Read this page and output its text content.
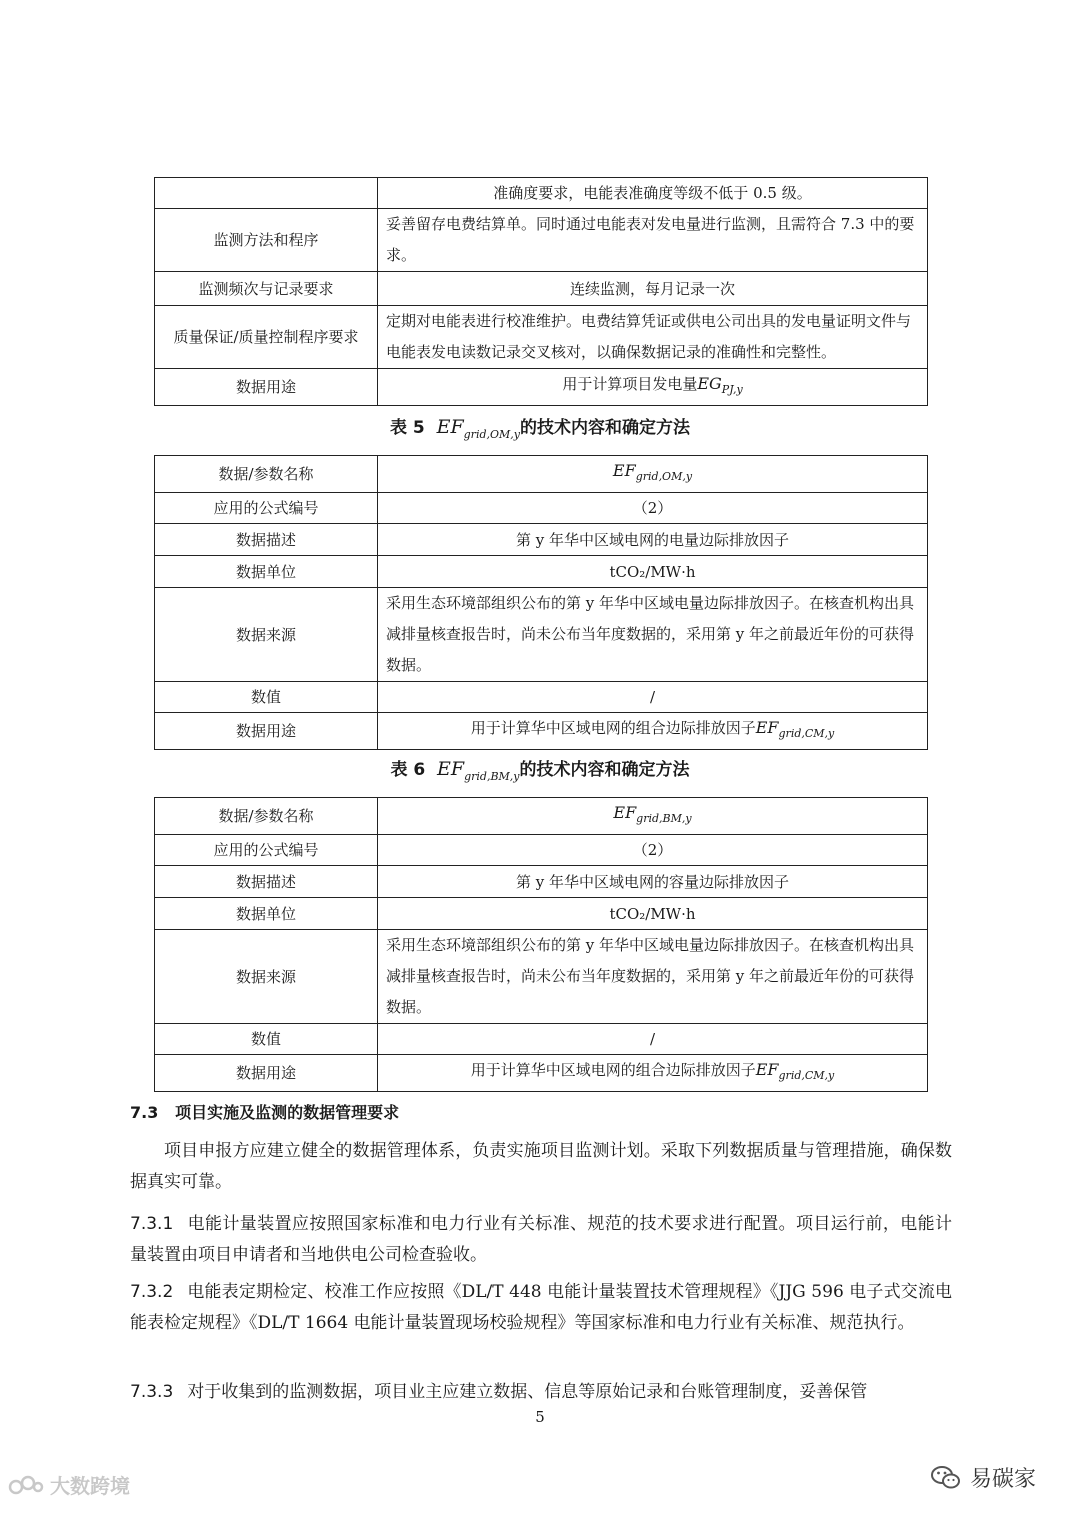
	准确度要求，电能表准确度等级不低于 0.5 级。
监测方法和程序	妥善留存电费结算单。同时通过电能表对发电量进行监测，且需符合 7.3 中的要求。
监测频次与记录要求	连续监测，每月记录一次
质量保证/质量控制程序要求	定期对电能表进行校准维护。电费结算凭证或供电公司出具的发电量证明文件与电能表发电读数记录交叉核对，以确保数据记录的准确性和完整性。
数据用途	用于计算项目发电量$EG_{PJ,y}$
表 5 $EF_{grid,OM,y}$的技术内容和确定方法
数据/参数名称	$EF_{grid,OM,y}$
应用的公式编号	（2）
数据描述	第 y 年华中区域电网的电量边际排放因子
数据单位	tCO₂/MW·h
数据来源	采用生态环境部组织公布的第 y 年华中区域电量边际排放因子。在核查机构出具减排量核查报告时，尚未公布当年度数据的，采用第 y 年之前最近年份的可获得数据。
数值	/
数据用途	用于计算华中区域电网的组合边际排放因子$EF_{grid,CM,y}$
表 6 $EF_{grid,BM,y}$的技术内容和确定方法
数据/参数名称	$EF_{grid,BM,y}$
应用的公式编号	（2）
数据描述	第 y 年华中区域电网的容量边际排放因子
数据单位	tCO₂/MW·h
数据来源	采用生态环境部组织公布的第 y 年华中区域电量边际排放因子。在核查机构出具减排量核查报告时，尚未公布当年度数据的，采用第 y 年之前最近年份的可获得数据。
数值	/
数据用途	用于计算华中区域电网的组合边际排放因子$EF_{grid,CM,y}$
7.3 项目实施及监测的数据管理要求
项目申报方应建立健全的数据管理体系，负责实施项目监测计划。采取下列数据质量与管理措施，确保数据真实可靠。
7.3.1 电能计量装置应按照国家标准和电力行业有关标准、规范的技术要求进行配置。项目运行前，电能计量装置由项目申请者和当地供电公司检查验收。
7.3.2 电能表定期检定、校准工作应按照《DL/T 448 电能计量装置技术管理规程》《JJG 596 电子式交流电能表检定规程》《DL/T 1664 电能计量装置现场校验规程》等国家标准和电力行业有关标准、规范执行。
7.3.3 对于收集到的监测数据，项目业主应建立数据、信息等原始记录和台账管理制度，妥善保管
5
大数跨境	易碳家
